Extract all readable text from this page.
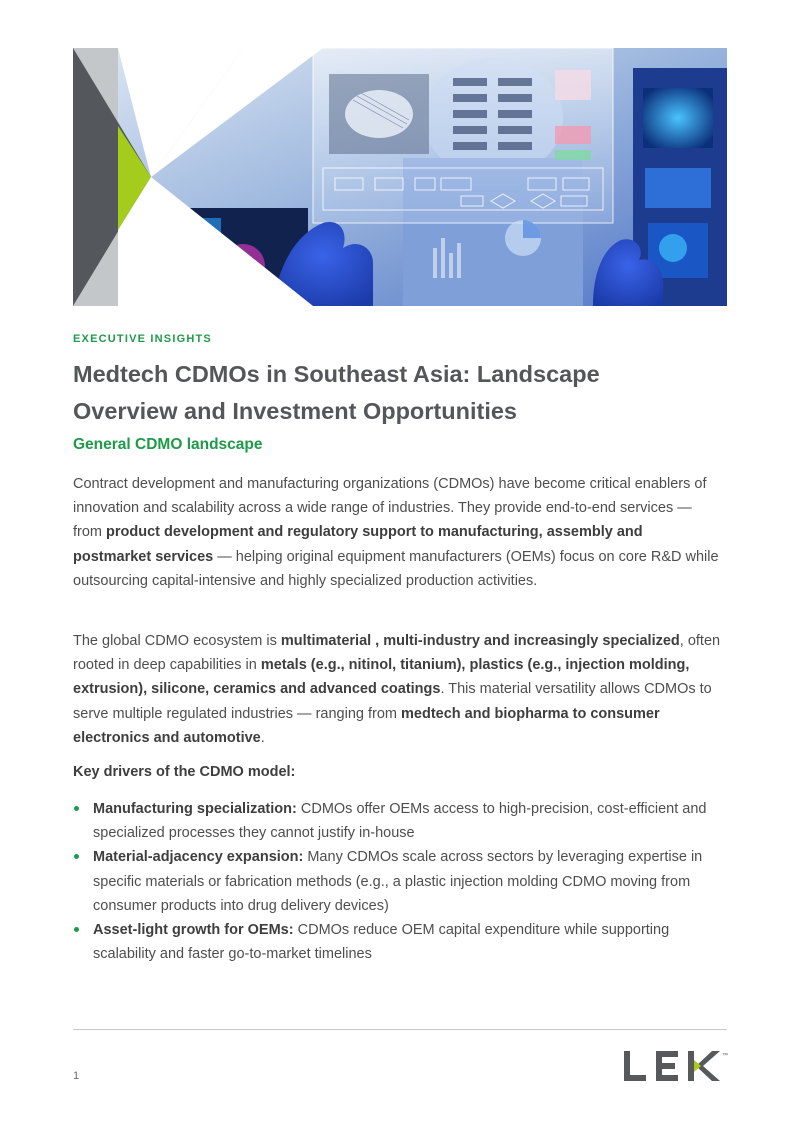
EXECUTIVE INSIGHTS
Medtech CDMOs in Southeast Asia: Landscape
Overview and Investment Opportunities
General CDMO landscape

Contract development and manufacturing organizations (CDMOs) have become critical enablers of innovation and scalability across a wide range of industries. They provide end-to-end services — from product development and regulatory support to manufacturing, assembly and postmarket services — helping original equipment manufacturers (OEMs) focus on core R&D while outsourcing capital-intensive and highly specialized production activities.

The global CDMO ecosystem is multimaterial , multi-industry and increasingly specialized, often rooted in deep capabilities in metals (e.g., nitinol, titanium), plastics (e.g., injection molding, extrusion), silicone, ceramics and advanced coatings. This material versatility allows CDMOs to serve multiple regulated industries — ranging from medtech and biopharma to consumer electronics and automotive.

Key drivers of the CDMO model:
Manufacturing specialization: CDMOs offer OEMs access to high-precision, cost-efficient and specialized processes they cannot justify in-house
Material-adjacency expansion: Many CDMOs scale across sectors by leveraging expertise in specific materials or fabrication methods (e.g., a plastic injection molding CDMO moving from consumer products into drug delivery devices)
Asset-light growth for OEMs: CDMOs reduce OEM capital expenditure while supporting scalability and faster go-to-market timelines
1
™
